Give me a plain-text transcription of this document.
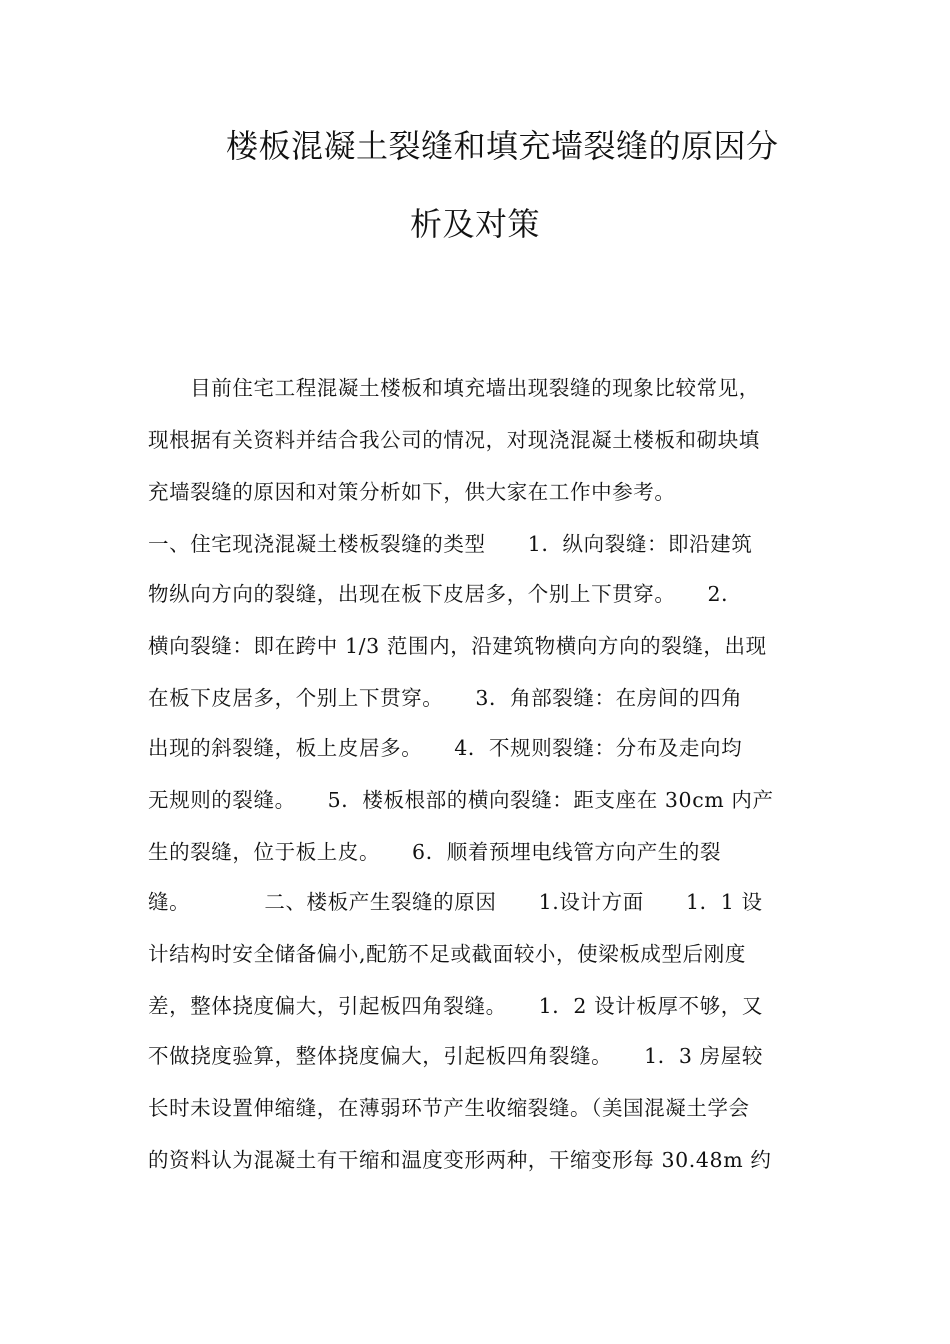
楼板混凝土裂缝和填充墙裂缝的原因分
析及对策
　　目前住宅工程混凝土楼板和填充墙出现裂缝的现象比较常见，
现根据有关资料并结合我公司的情况，对现浇混凝土楼板和砌块填
充墙裂缝的原因和对策分析如下，供大家在工作中参考。
一、住宅现浇混凝土楼板裂缝的类型　　1．纵向裂缝：即沿建筑
物纵向方向的裂缝，出现在板下皮居多，个别上下贯穿。　　2．
横向裂缝：即在跨中 1/3 范围内，沿建筑物横向方向的裂缝，出现
在板下皮居多，个别上下贯穿。　　3．角部裂缝：在房间的四角
出现的斜裂缝，板上皮居多。　　4．不规则裂缝：分布及走向均
无规则的裂缝。　　5．楼板根部的横向裂缝：距支座在 30cm 内产
生的裂缝，位于板上皮。　　6．顺着预埋电线管方向产生的裂
缝。　　　　二、楼板产生裂缝的原因　　1.设计方面　　1．1 设
计结构时安全储备偏小,配筋不足或截面较小，使梁板成型后刚度
差，整体挠度偏大，引起板四角裂缝。　　1．2 设计板厚不够，又
不做挠度验算，整体挠度偏大，引起板四角裂缝。　　1．3 房屋较
长时未设置伸缩缝，在薄弱环节产生收缩裂缝。（美国混凝土学会
的资料认为混凝土有干缩和温度变形两种，干缩变形每 30.48m 约
